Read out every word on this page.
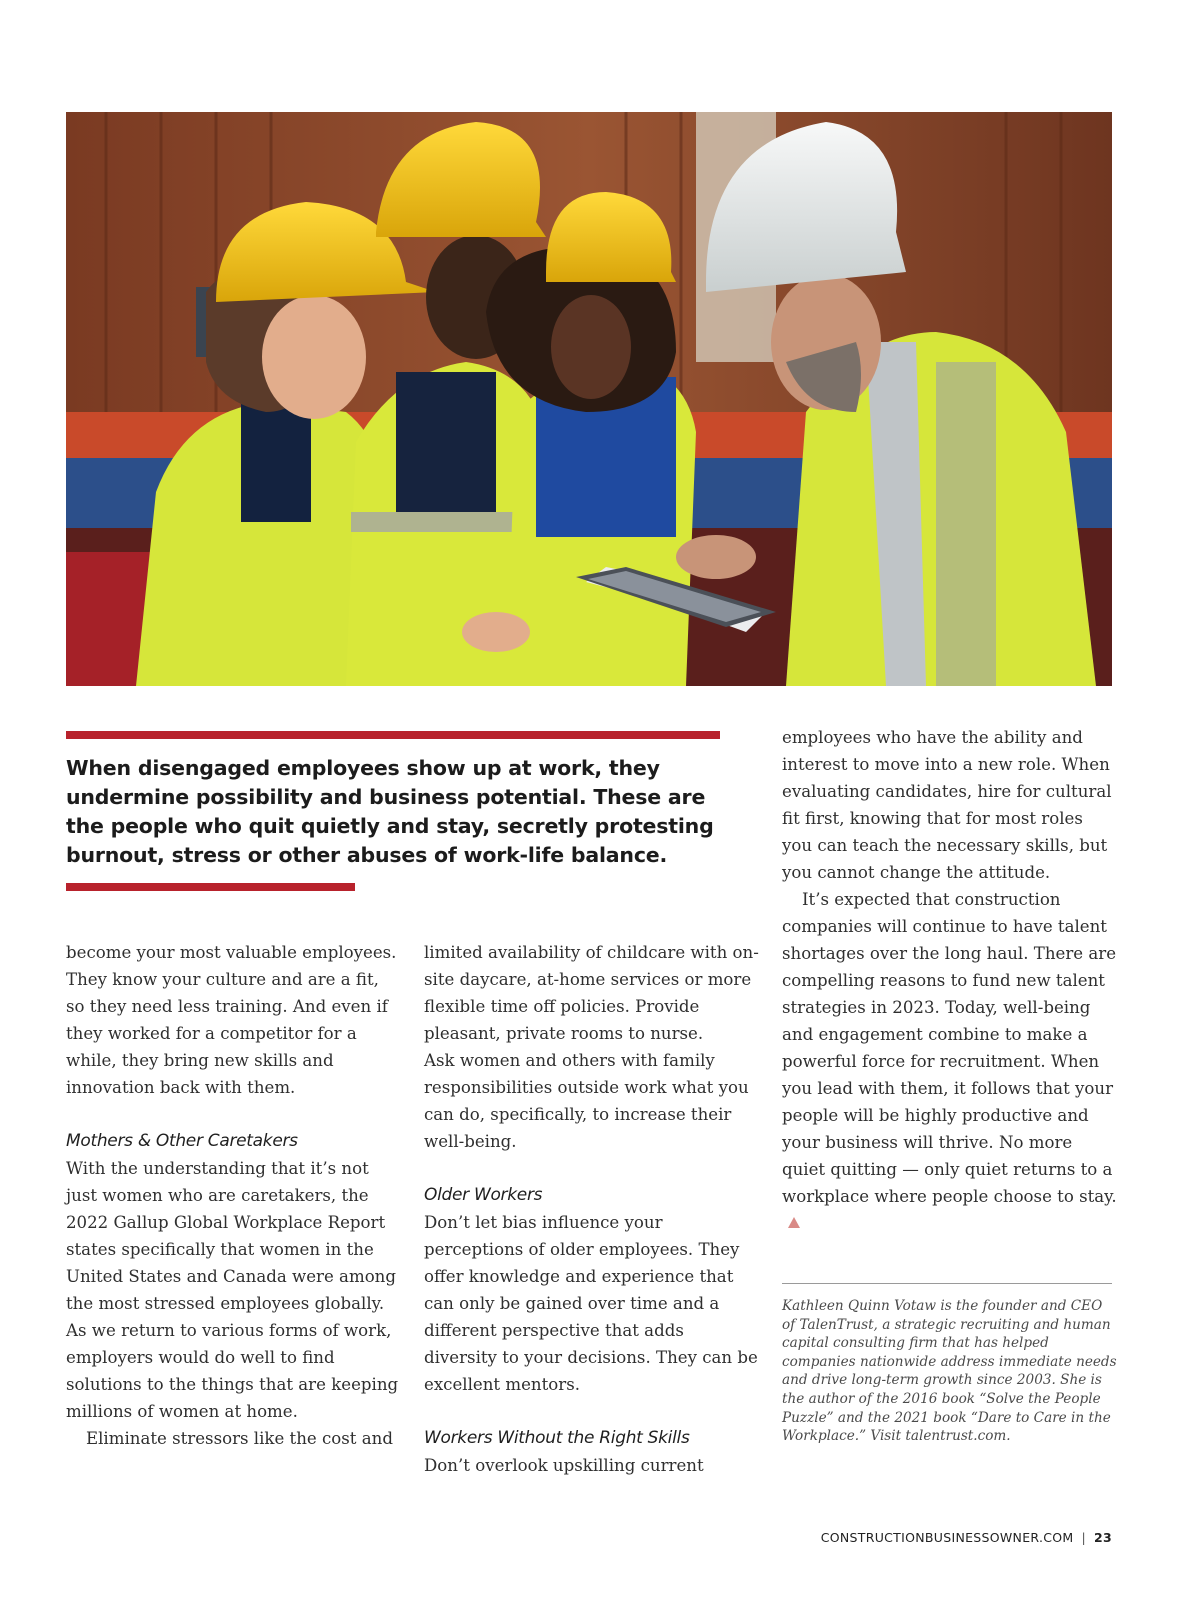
When disengaged employees show up at work, they undermine possibility and business potential. These are the people who quit quietly and stay, secretly protesting burnout, stress or other abuses of work-life balance.

become your most valuable employees. They know your culture and are a fit, so they need less training. And even if they worked for a competitor for a while, they bring new skills and innovation back with them.

Mothers & Other Caretakers

With the understanding that it’s not just women who are caretakers, the 2022 Gallup Global Workplace Report states specifically that women in the United States and Canada were among the most stressed employees globally.

As we return to various forms of work, employers would do well to find solutions to the things that are keeping millions of women at home.

Eliminate stressors like the cost and

limited availability of childcare with on-site daycare, at-home services or more flexible time off policies. Provide pleasant, private rooms to nurse.

Ask women and others with family responsibilities outside work what you can do, specifically, to increase their well-being.

Older Workers

Don’t let bias influence your perceptions of older employees. They offer knowledge and experience that can only be gained over time and a different perspective that adds diversity to your decisions. They can be excellent mentors.

Workers Without the Right Skills

Don’t overlook upskilling current

employees who have the ability and interest to move into a new role. When evaluating candidates, hire for cultural fit first, knowing that for most roles you can teach the necessary skills, but you cannot change the attitude.

It’s expected that construction companies will continue to have talent shortages over the long haul. There are compelling reasons to fund new talent strategies in 2023. Today, well-being and engagement combine to make a powerful force for recruitment. When you lead with them, it follows that your people will be highly productive and your business will thrive. No more quiet quitting — only quiet returns to a workplace where people choose to stay.

Kathleen Quinn Votaw is the founder and CEO of TalenTrust, a strategic recruiting and human capital consulting firm that has helped companies nationwide address immediate needs and drive long-term growth since 2003. She is the author of the 2016 book “Solve the People Puzzle” and the 2021 book “Dare to Care in the Workplace.” Visit talentrust.com.

CONSTRUCTIONBUSINESSOWNER.COM | 23
